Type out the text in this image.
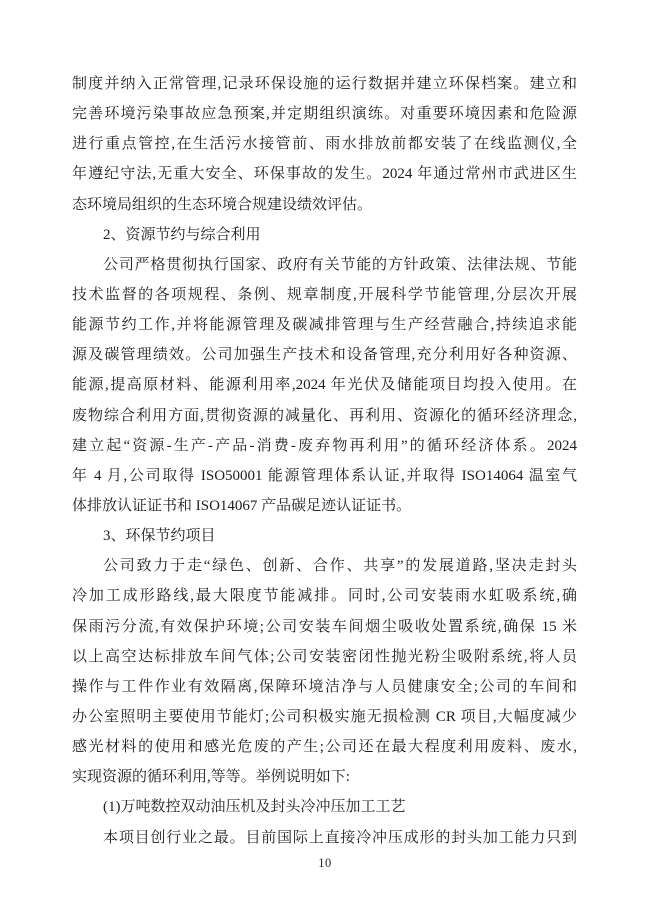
制度并纳入正常管理,记录环保设施的运行数据并建立环保档案。建立和
完善环境污染事故应急预案,并定期组织演练。对重要环境因素和危险源
进行重点管控,在生活污水接管前、雨水排放前都安装了在线监测仪,全
年遵纪守法,无重大安全、环保事故的发生。2024 年通过常州市武进区生
态环境局组织的生态环境合规建设绩效评估。
2、资源节约与综合利用
公司严格贯彻执行国家、政府有关节能的方针政策、法律法规、节能
技术监督的各项规程、条例、规章制度,开展科学节能管理,分层次开展
能源节约工作,并将能源管理及碳减排管理与生产经营融合,持续追求能
源及碳管理绩效。公司加强生产技术和设备管理,充分利用好各种资源、
能源,提高原材料、能源利用率,2024 年光伏及储能项目均投入使用。在
废物综合利用方面,贯彻资源的减量化、再利用、资源化的循环经济理念,
建立起“资源-生产-产品-消费-废弃物再利用”的循环经济体系。2024
年 4 月,公司取得 ISO50001 能源管理体系认证,并取得 ISO14064 温室气
体排放认证证书和 ISO14067 产品碳足迹认证证书。
3、环保节约项目
公司致力于走“绿色、创新、合作、共享”的发展道路,坚决走封头
冷加工成形路线,最大限度节能减排。同时,公司安装雨水虹吸系统,确
保雨污分流,有效保护环境;公司安装车间烟尘吸收处置系统,确保 15 米
以上高空达标排放车间气体;公司安装密闭性抛光粉尘吸附系统,将人员
操作与工件作业有效隔离,保障环境洁净与人员健康安全;公司的车间和
办公室照明主要使用节能灯;公司积极实施无损检测 CR 项目,大幅度减少
感光材料的使用和感光危废的产生;公司还在最大程度利用废料、废水,
实现资源的循环利用,等等。举例说明如下:
(1)万吨数控双动油压机及封头冷冲压加工工艺
本项目创行业之最。目前国际上直接冷冲压成形的封头加工能力只到
10
